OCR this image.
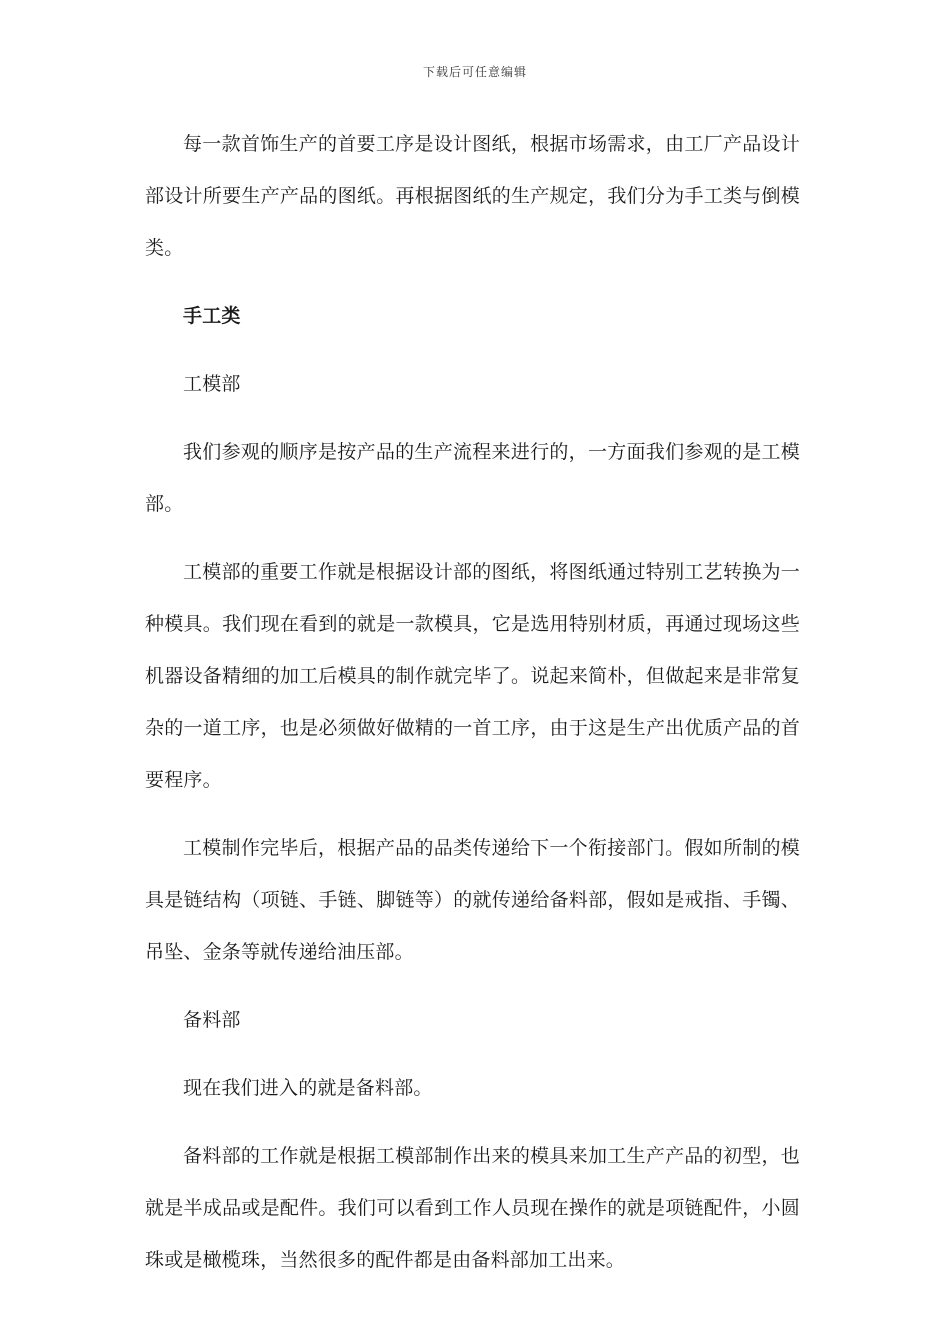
下载后可任意编辑

每一款首饰生产的首要工序是设计图纸，根据市场需求，由工厂产品设计部设计所要生产产品的图纸。再根据图纸的生产规定，我们分为手工类与倒模类。

手工类

工模部

我们参观的顺序是按产品的生产流程来进行的，一方面我们参观的是工模部。

工模部的重要工作就是根据设计部的图纸，将图纸通过特别工艺转换为一种模具。我们现在看到的就是一款模具，它是选用特别材质，再通过现场这些机器设备精细的加工后模具的制作就完毕了。说起来简朴，但做起来是非常复杂的一道工序，也是必须做好做精的一首工序，由于这是生产出优质产品的首要程序。

工模制作完毕后，根据产品的品类传递给下一个衔接部门。假如所制的模具是链结构（项链、手链、脚链等）的就传递给备料部，假如是戒指、手镯、吊坠、金条等就传递给油压部。

备料部

现在我们进入的就是备料部。

备料部的工作就是根据工模部制作出来的模具来加工生产产品的初型，也就是半成品或是配件。我们可以看到工作人员现在操作的就是项链配件，小圆珠或是橄榄珠，当然很多的配件都是由备料部加工出来。
